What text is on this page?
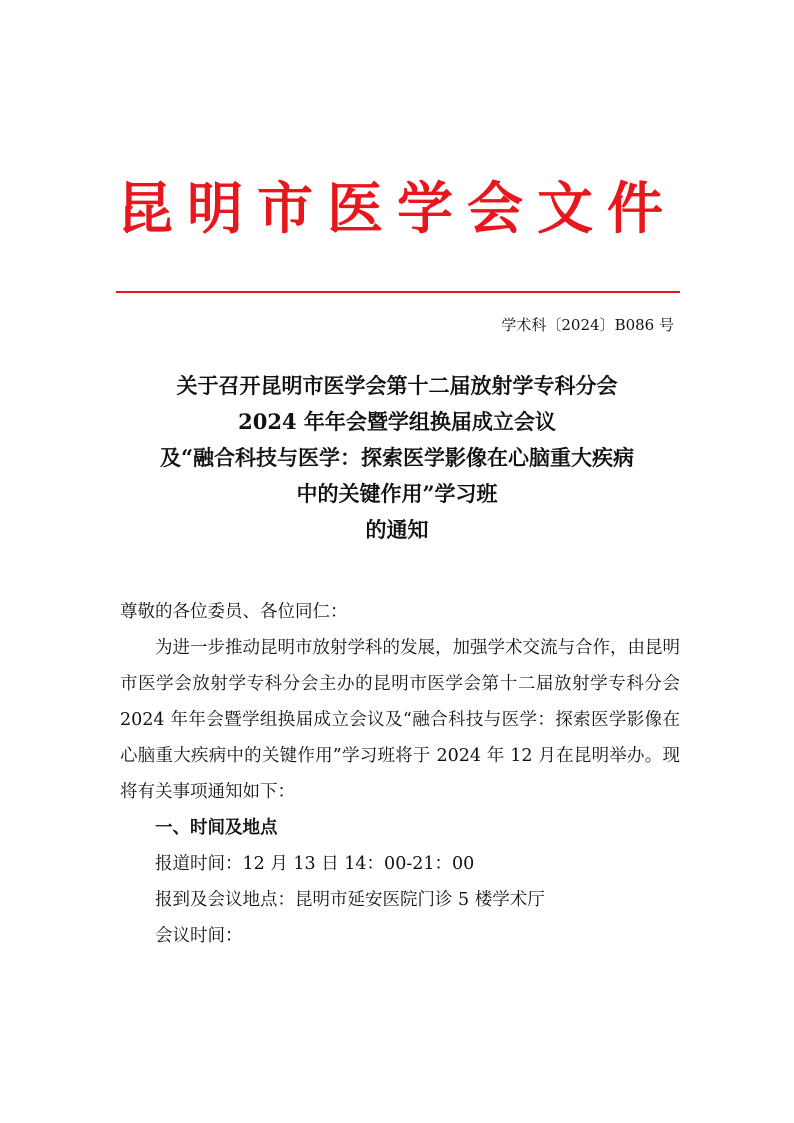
昆明市医学会文件
学术科〔2024〕B086 号
关于召开昆明市医学会第十二届放射学专科分会
2024 年年会暨学组换届成立会议
及“融合科技与医学：探索医学影像在心脑重大疾病
中的关键作用”学习班
的通知
尊敬的各位委员、各位同仁：
为进一步推动昆明市放射学科的发展，加强学术交流与合作，由昆明市医学会放射学专科分会主办的昆明市医学会第十二届放射学专科分会 2024 年年会暨学组换届成立会议及“融合科技与医学：探索医学影像在心脑重大疾病中的关键作用”学习班将于 2024 年 12 月在昆明举办。现将有关事项通知如下：
一、时间及地点
报道时间：12 月 13 日 14：00-21：00
报到及会议地点：昆明市延安医院门诊 5 楼学术厅
会议时间：
